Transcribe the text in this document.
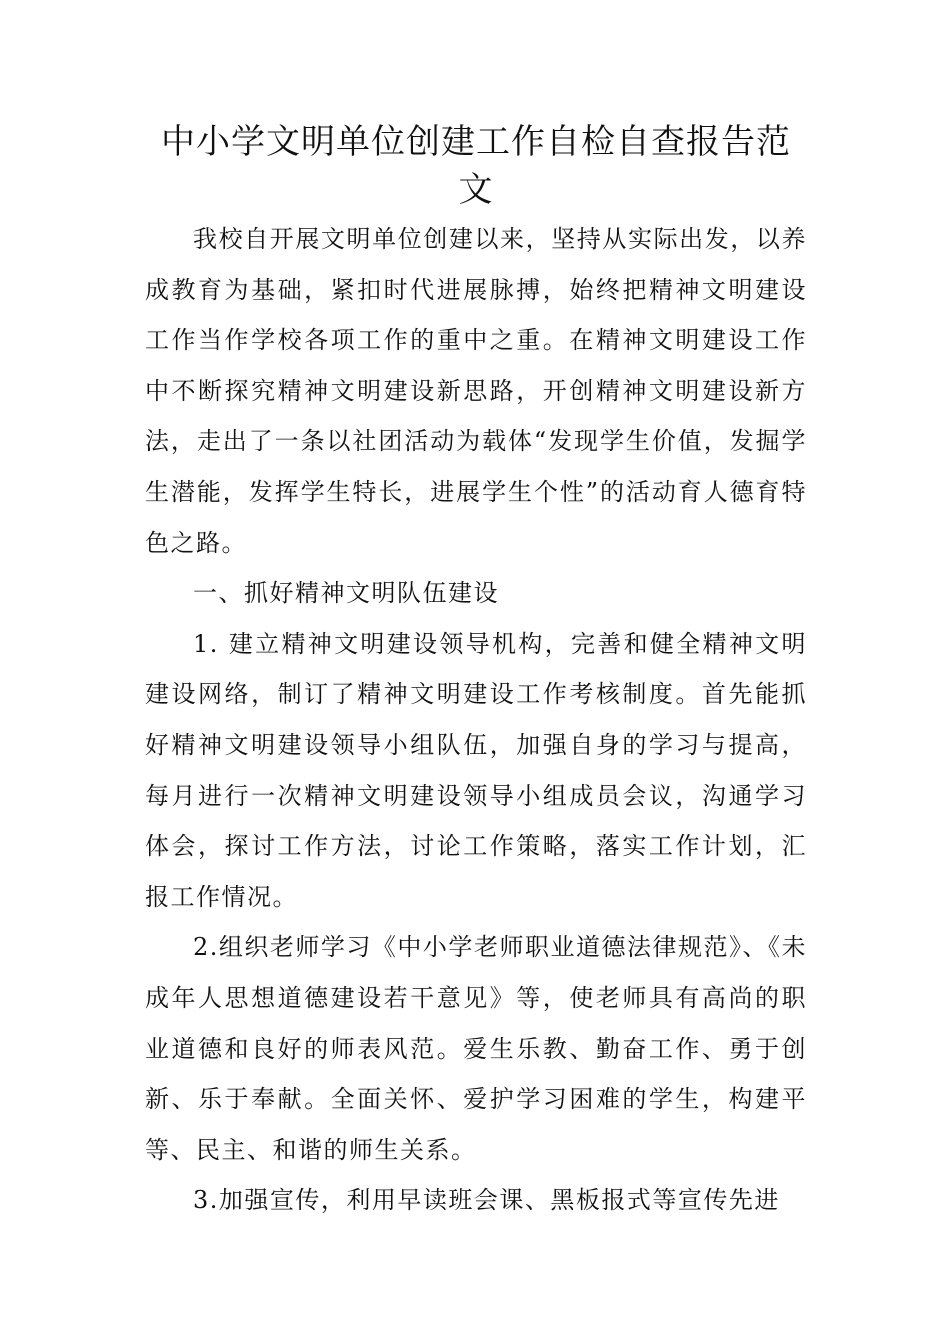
中小学文明单位创建工作自检自查报告范文

我校自开展文明单位创建以来，坚持从实际出发，以养成教育为基础，紧扣时代进展脉搏，始终把精神文明建设工作当作学校各项工作的重中之重。在精神文明建设工作中不断探究精神文明建设新思路，开创精神文明建设新方法，走出了一条以社团活动为载体“发现学生价值，发掘学生潜能，发挥学生特长，进展学生个性”的活动育人德育特色之路。

一、抓好精神文明队伍建设

1. 建立精神文明建设领导机构，完善和健全精神文明建设网络，制订了精神文明建设工作考核制度。首先能抓好精神文明建设领导小组队伍，加强自身的学习与提高，每月进行一次精神文明建设领导小组成员会议，沟通学习体会，探讨工作方法，讨论工作策略，落实工作计划，汇报工作情况。

2.组织老师学习《中小学老师职业道德法律规范》、《未成年人思想道德建设若干意见》等，使老师具有高尚的职业道德和良好的师表风范。爱生乐教、勤奋工作、勇于创新、乐于奉献。全面关怀、爱护学习困难的学生，构建平等、民主、和谐的师生关系。

3.加强宣传，利用早读班会课、黑板报式等宣传先进
